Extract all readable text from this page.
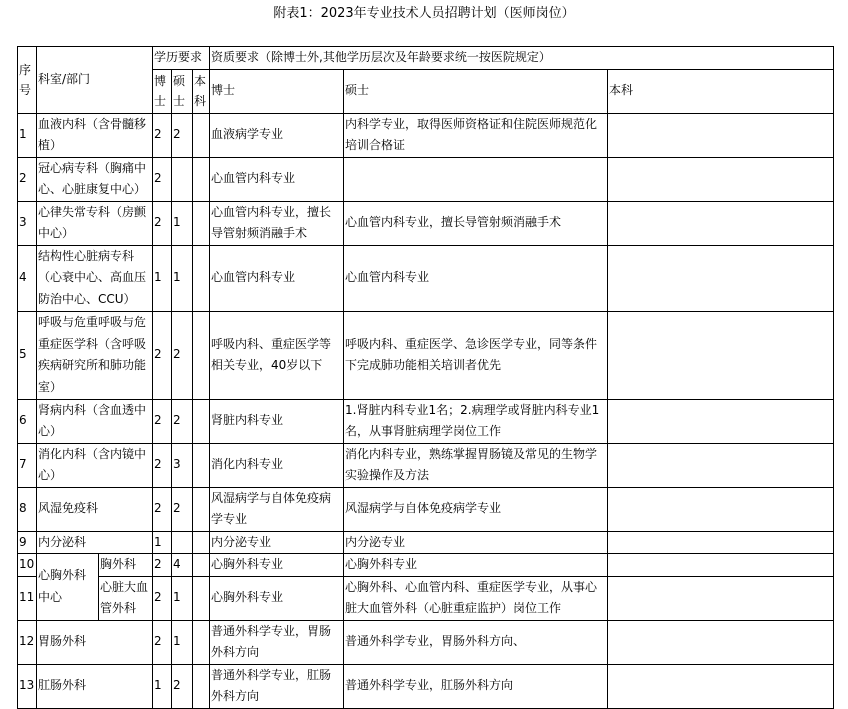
附表1：2023年专业技术人员招聘计划（医师岗位）
序号	科室/部门		学历要求			资质要求（除博士外,其他学历层次及年龄要求统一按医院规定）		
			博士	硕士	本科	博士	硕士	本科
1	血液内科（含骨髓移植）		2	2		血液病学专业	内科学专业，取得医师资格证和住院医师规范化培训合格证	
2	冠心病专科（胸痛中心、心脏康复中心）		2			心血管内科专业		
3	心律失常专科（房颤中心）		2	1		心血管内科专业，擅长导管射频消融手术	心血管内科专业，擅长导管射频消融手术	
4	结构性心脏病专科（心衰中心、高血压防治中心、CCU）		1	1		心血管内科专业	心血管内科专业	
5	呼吸与危重呼吸与危重症医学科（含呼吸疾病研究所和肺功能室）		2	2		呼吸内科、重症医学等相关专业，40岁以下	呼吸内科、重症医学、急诊医学专业，同等条件下完成肺功能相关培训者优先	
6	肾病内科（含血透中心）		2	2		肾脏内科专业	1.肾脏内科专业1名；2.病理学或肾脏内科专业1名，从事肾脏病理学岗位工作	
7	消化内科（含内镜中心）		2	3		消化内科专业	消化内科专业，熟练掌握胃肠镜及常见的生物学实验操作及方法	
8	风湿免疫科		2	2		风湿病学与自体免疫病学专业	风湿病学与自体免疫病学专业	
9	内分泌科		1			内分泌专业	内分泌专业	
10	心胸外科中心	胸外科	2	4		心胸外科专业	心胸外科专业	
11		心脏大血管外科	2	1		心胸外科专业	心胸外科、心血管内科、重症医学专业，从事心脏大血管外科（心脏重症监护）岗位工作	
12	胃肠外科		2	1		普通外科学专业，胃肠外科方向	普通外科学专业，胃肠外科方向、	
13	肛肠外科		1	2		普通外科学专业，肛肠外科方向	普通外科学专业，肛肠外科方向	
